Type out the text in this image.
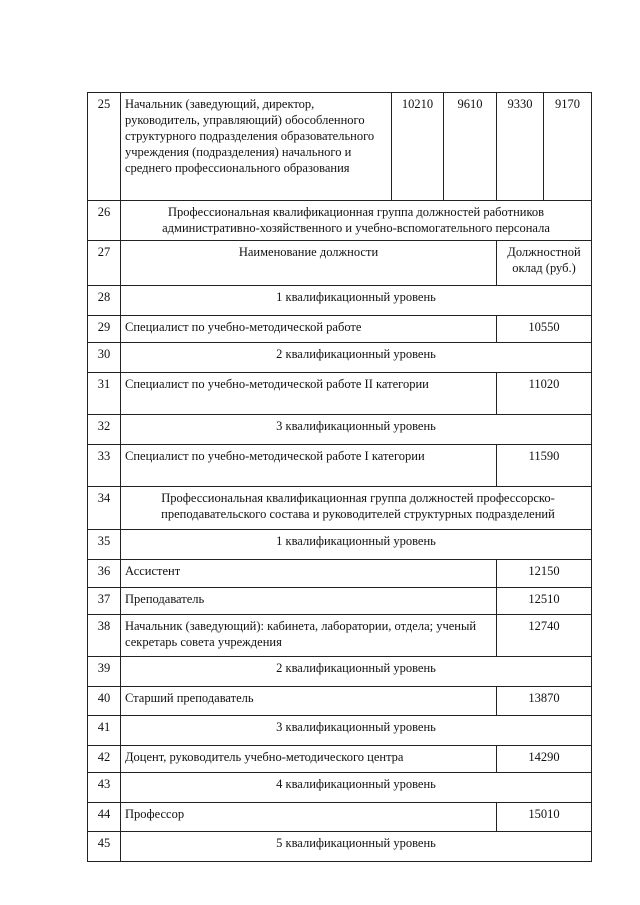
25	Начальник (заведующий, директор, руководитель, управляющий) обособленного структурного подразделения образовательного учреждения (подразделения) начального и среднего профессионального образования	10210	9610	9330	9170
26	Профессиональная квалификационная группа должностей работников административно-хозяйственного и учебно-вспомогательного персонала				
27	Наименование должности			Должностной оклад (руб.)	
28	1 квалификационный уровень				
29	Специалист по учебно-методической работе			10550	
30	2 квалификационный уровень				
31	Специалист по учебно-методической работе II категории			11020	
32	3 квалификационный уровень				
33	Специалист по учебно-методической работе I категории			11590	
34	Профессиональная квалификационная группа должностей профессорско-преподавательского состава и руководителей структурных подразделений				
35	1 квалификационный уровень				
36	Ассистент			12150	
37	Преподаватель			12510	
38	Начальник (заведующий): кабинета, лаборатории, отдела; ученый секретарь совета учреждения			12740	
39	2 квалификационный уровень				
40	Старший преподаватель			13870	
41	3 квалификационный уровень				
42	Доцент, руководитель учебно-методического центра			14290	
43	4 квалификационный уровень				
44	Профессор			15010	
45	5 квалификационный уровень				
